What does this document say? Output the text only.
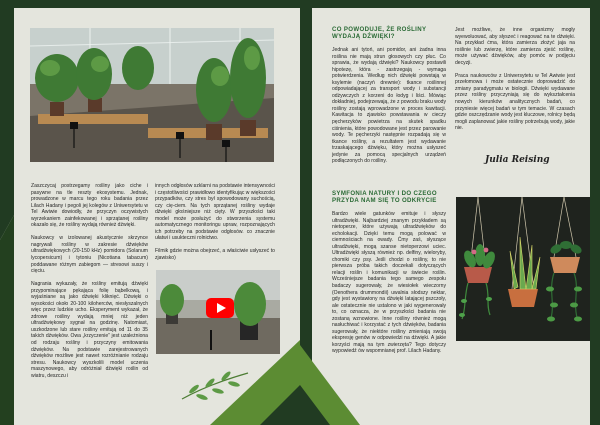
Zaszczycaj postrzegamy rośliny jako ciche i pasywne na tle reszty ekosystemu. Jednak, prowadzone w marcu tego roku badania przez Lilach Hadany i pegoli jej kolegów z Uniwersytetu w Tel Awiwie dowiodły, że przyczyn oczywistych wyrzekaniem zainfekowanej i sprzątanej rośliny okazało się, że rośliny wydają również dźwięki.

Naukowcy w izolowanej akustycznie skrzynce nagrywali rośliny w zakresie dźwięków ultradźwiękowych (20-150 kHz) pomidora (Solanum lycopersicum) i tytoniu (Nicotiana tabacum) poddawane różnym zabiegom — stresowi suszy i cięciu.

Nagrania wykazały, że rośliny emitują dźwięki przypominające pękająca folię bąbelkową, i wyjaśniane są jako dźwięki kliknięć. Dźwięki o wysokości około 20-100 kiloherców, niesłyszalnych więc przez ludzkie ucho. Eksperyment wykazał, że zdrowe rośliny wydają mniej niż jeden ultradźwiękowy sygnał na godzinę. Natomiast, uszkodzone lub stare rośliny emitują od 11 do 35 takich dźwięków. Owa „krzyczenie” jest uzależniona od rodzaju rośliny i przyczyny emitowania dźwięków. Na podstawie zarejestrowanych dźwięków możliwe jest nawet rozróżnianie rodzaju stresu. Naukowcy wyszkolili model uczenia maszynowego, aby odróżniał dźwięki roślin od wiatru, deszczu i

innych odgłosów szklarni na podstawie intensywności i częstotliwości prawidłowo identyfikując w większości przypadków, czy stres był spowodowany suchością, czy cię-ciem. Na tych sprzątanej rośliny wydaje dźwięki głośniejsze niż cięty. W przyszłości taki model może posłużyć do stworzenia systemu automatycznego monitoringu upraw, rozpoznających ich potrzeby na podstawie odgłosów. co znacznie ułatwi i usukteczni rolnictwo.

Filmik gdzie można obejrzeć, a właściwie usłyszeć to zjawisko)

CO POWODUJE, ŻE ROŚLINY WYDAJĄ DŹWIĘKI?

Jednak ani tytoń, ani pomidor, ani żadna inna roślina nie mają strun głosowych czy płuc. Co sprawia, że wydają dźwięki? Naukowcy postawili hipotezę, która - zastrzegają - wymaga potwierdzenia. Według nich dźwięki powstają w ksylemie (naczyń drewnie): tkance roślinnej odpowiadającej za transport wody i substancji odżywczych z korzeni do łodyg i liści. Mówiąc dokładniej, podejrzewają, że z powodu braku wody rośliny zostają wprowadzone w proces kawitacji. Kawitacja to zjawisko powstawania w cieczy pęcherzyków powietrza na skutek spadku ciśnienia, które powodowane jest przez parowanie wody. Te pęcherzyki następnie rozpadają się w tkance rośliny, a rezultatem jest wydawanie trzaskającego dźwięku, który można usłyszeć jedynie za pomocą specjalnych urządzeń podłączonych do rośliny.

SYMFONIA NATURY I DO CZEGO PRZYDA NAM SIĘ TO ODKRYCIE

Bardzo wiele gatunków emituje i słyszy ultradźwięki. Najbardziej znanym przykładem są nietoperze, które używają ultradźwięków do echolokacji. Dzięki temu mogą polować w ciemnościach na owady. Ćmy zaś, słyszące ultradźwięki, mogą szanse nietoperzowi uciec. Ultradźwięki słyszą również np. delfiny, wieloryby, chomiki czy psy. Jeśli chodzi o rośliny, to nie pierwsza próba takich doczekali dotyczących relacji roślin i komunikacji w świecie roślin. Wcześniejsze badania tego samego zespołu badaczy sugerowały, że wiesiołek wieczorny (Oenothera drummondii) uwalnia słodszy nektar, gdy jest wystawiony na dźwięki latającej pszczoły, ale ostatecznie nie ustalono w jaki wygenerowały to, co oznacza, że w przyszłości badania nie zostaną wznowione. Inne rośliny również mogą nasłuchiwać i korzystać z tych dźwięków, badania sugerowały, że niektóre rośliny zmieniają swoją ekspresję genów w odpowiedzi na dźwięki. A jakie korzyści mają na tym zwierzęta? Tego dotyczy wypowiedź ów wspomnianej prof. Lilach Hadany.

Jest możliwe, że inne organizmy mogły wyewoluować, aby słyszeć i reagować na te dźwięki. Na przykład ćma, która zamierza złożyć jaja na roślinie lub zwierzę, które zamierza zjeść roślinę, może używać dźwięków, aby pomóc w podjęciu decyzji.

Praca naukowców z Uniwersytetu w Tel Awiwie jest przełomowa i może ostatecznie doprowadzić do zmiany paradygmatu w biologii. Dźwięki wydawane przez rośliny przyczyniają się do wykształcenia nowych kierunków analitycznych badań, co przyniesie więcej badań w tym temacie. W czasach gdzie oszczędzanie wody jest kluczowe, rolnicy będą mogli zaplanować jakie rośliny potrzebują wody, jakie nie.

Julia Reising
